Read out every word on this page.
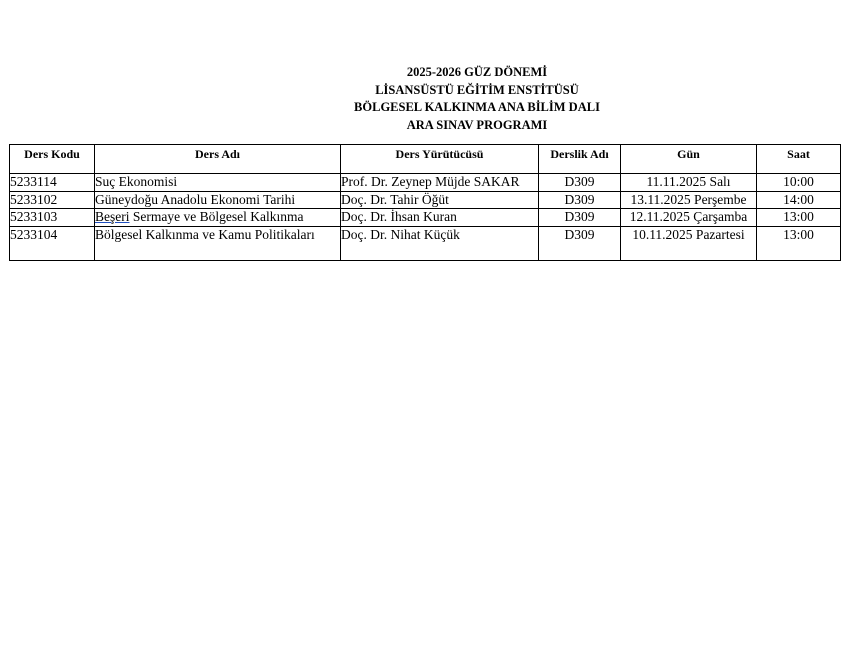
2025-2026 GÜZ DÖNEMİ
LİSANSÜSTÜ EĞİTİM ENSTİTÜSÜ
BÖLGESEL KALKINMA ANA BİLİM DALI
ARA SINAV PROGRAMI
Ders Kodu	Ders Adı	Ders Yürütücüsü	Derslik Adı	Gün	Saat
5233114	Suç Ekonomisi	Prof. Dr. Zeynep Müjde SAKAR	D309	11.11.2025 Salı	10:00
5233102	Güneydoğu Anadolu Ekonomi Tarihi	Doç. Dr. Tahir Öğüt	D309	13.11.2025 Perşembe	14:00
5233103	Beşeri Sermaye ve Bölgesel Kalkınma	Doç. Dr. İhsan Kuran	D309	12.11.2025 Çarşamba	13:00
5233104	Bölgesel Kalkınma ve Kamu Politikaları	Doç. Dr. Nihat Küçük	D309	10.11.2025 Pazartesi	13:00
